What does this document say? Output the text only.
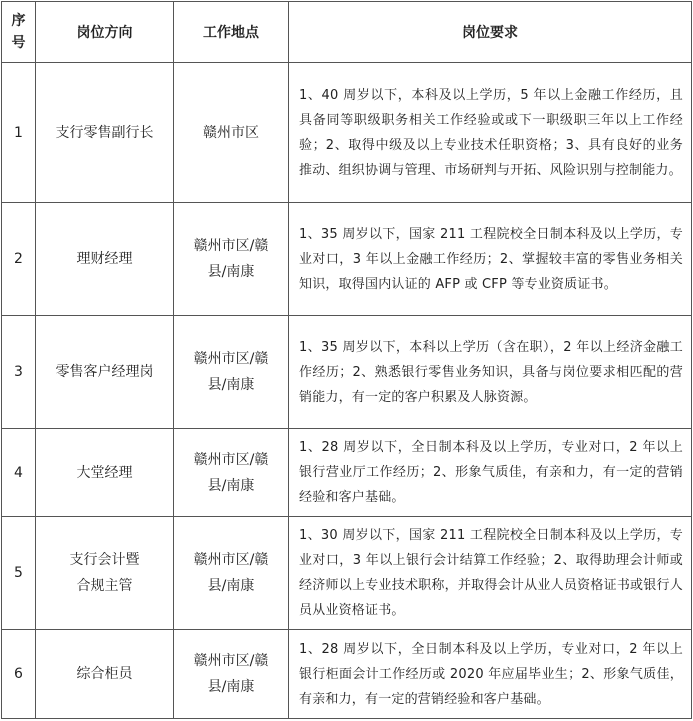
序
号	岗位方向	工作地点	岗位要求
1	支行零售副行长	赣州市区	1、40 周岁以下，本科及以上学历，5 年以上金融工作经历，且具备同等职级职务相关工作经验或或下一职级职三年以上工作经验；2、取得中级及以上专业技术任职资格；3、具有良好的业务推动、组织协调与管理、市场研判与开拓、风险识别与控制能力。
2	理财经理	赣州市区/赣县/南康	1、35 周岁以下，国家 211 工程院校全日制本科及以上学历，专业对口，3 年以上金融工作经历；2、掌握较丰富的零售业务相关知识，取得国内认证的 AFP 或 CFP 等专业资质证书。
3	零售客户经理岗	赣州市区/赣县/南康	1、35 周岁以下，本科以上学历（含在职），2 年以上经济金融工作经历；2、熟悉银行零售业务知识，具备与岗位要求相匹配的营销能力，有一定的客户积累及人脉资源。
4	大堂经理	赣州市区/赣县/南康	1、28 周岁以下，全日制本科及以上学历，专业对口，2 年以上银行营业厅工作经历；2、形象气质佳，有亲和力，有一定的营销经验和客户基础。
5	支行会计暨
合规主管	赣州市区/赣县/南康	1、30 周岁以下，国家 211 工程院校全日制本科及以上学历，专业对口，3 年以上银行会计结算工作经验；2、取得助理会计师或经济师以上专业技术职称，并取得会计从业人员资格证书或银行人员从业资格证书。
6	综合柜员	赣州市区/赣县/南康	1、28 周岁以下，全日制本科及以上学历，专业对口，2 年以上银行柜面会计工作经历或 2020 年应届毕业生；2、形象气质佳，有亲和力，有一定的营销经验和客户基础。
